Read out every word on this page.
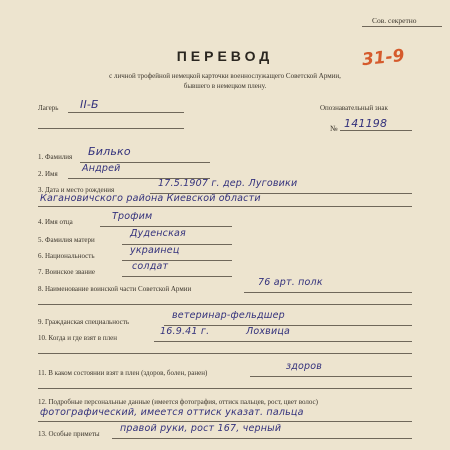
Сов. секретно
31-9
ПЕРЕВОД
с личной трофейной немецкой карточки военнослужащего Советской Армии,
бывшего в немецком плену.
Лагерь II-Б	Опознавательный знак
№ 141198
1. Фамилия Билько
2. Имя	Андрей
3. Дата и место рождения
17.5.1907 г. дер. Луговики
Кагановичского района Киевской области
4. Имя отца	Трофим
5. Фамилия матери
Дуденская
6. Национальность	украинец
7. Воинское звание	солдат
8. Наименование воинской части Советской Армии
76 арт. полк
9. Гражданская специальность
ветеринар-фельдшер
10. Когда и где взят в плен
16.9.41 г.	Лохвица
11. В каком состоянии взят в плен (здоров, болен, ранен)
здоров
12. Подробные персональные данные (имеется фотография, оттиск пальцев, рост, цвет волос)
фотографический, имеется оттиск указат. пальца
13. Особые приметы правой руки, рост 167, черный
